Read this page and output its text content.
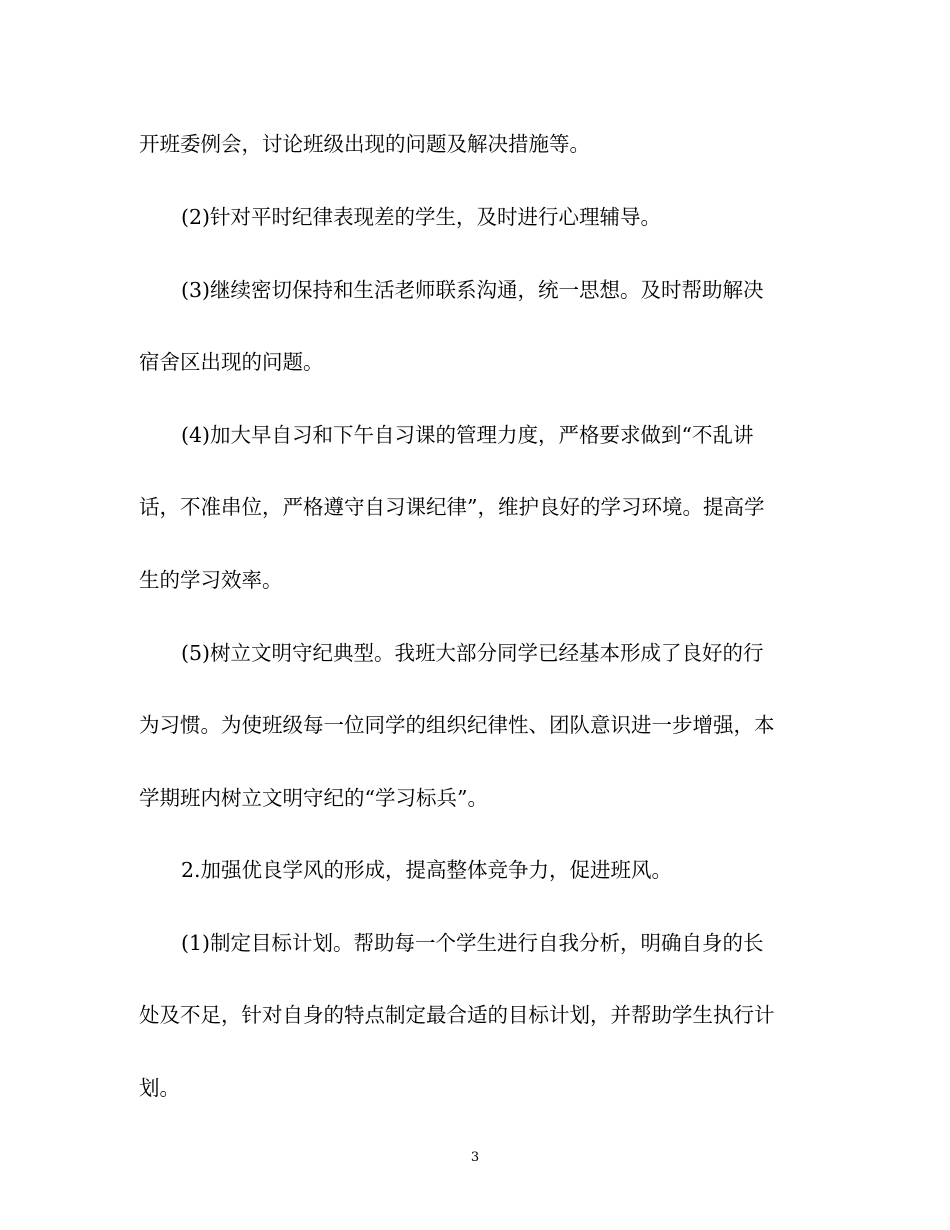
开班委例会，讨论班级出现的问题及解决措施等。
(2)针对平时纪律表现差的学生，及时进行心理辅导。
(3)继续密切保持和生活老师联系沟通，统一思想。及时帮助解决
宿舍区出现的问题。
(4)加大早自习和下午自习课的管理力度，严格要求做到“不乱讲
话，不准串位，严格遵守自习课纪律”，维护良好的学习环境。提高学
生的学习效率。
(5)树立文明守纪典型。我班大部分同学已经基本形成了良好的行
为习惯。为使班级每一位同学的组织纪律性、团队意识进一步增强，本
学期班内树立文明守纪的“学习标兵”。
2.加强优良学风的形成，提高整体竞争力，促进班风。
(1)制定目标计划。帮助每一个学生进行自我分析，明确自身的长
处及不足，针对自身的特点制定最合适的目标计划，并帮助学生执行计
划。
3
